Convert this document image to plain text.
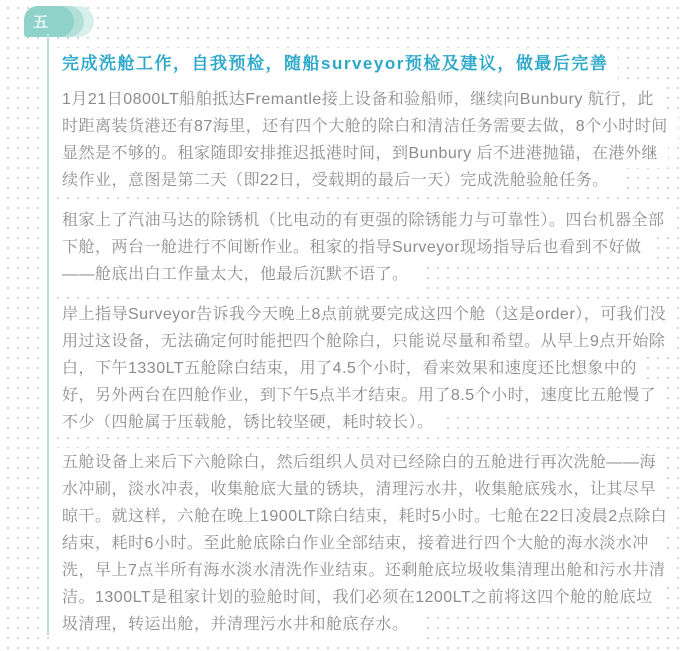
五
完成洗舱工作，自我预检，随船surveyor预检及建议，做最后完善

1月21日0800LT船舶抵达Fremantle接上设备和验船师，继续向Bunbury 航行，此时距离装货港还有87海里，还有四个大舱的除白和清洁任务需要去做，8个小时时间显然是不够的。租家随即安排推迟抵港时间，到Bunbury 后不进港抛锚，在港外继续作业，意图是第二天（即22日，受载期的最后一天）完成洗舱验舱任务。

租家上了汽油马达的除锈机（比电动的有更强的除锈能力与可靠性）。四台机器全部下舱，两台一舱进行不间断作业。租家的指导Surveyor现场指导后也看到不好做——舱底出白工作量太大，他最后沉默不语了。

岸上指导Surveyor告诉我今天晚上8点前就要完成这四个舱（这是order），可我们没用过这设备，无法确定何时能把四个舱除白，只能说尽量和希望。从早上9点开始除白，下午1330LT五舱除白结束，用了4.5个小时，看来效果和速度还比想象中的好，另外两台在四舱作业，到下午5点半才结束。用了8.5个小时，速度比五舱慢了不少（四舱属于压载舱，锈比较坚硬，耗时较长）。

五舱设备上来后下六舱除白，然后组织人员对已经除白的五舱进行再次洗舱——海水冲刷，淡水冲表，收集舱底大量的锈块，清理污水井，收集舱底残水，让其尽早晾干。就这样，六舱在晚上1900LT除白结束，耗时5小时。七舱在22日凌晨2点除白结束，耗时6小时。至此舱底除白作业全部结束，接着进行四个大舱的海水淡水冲洗，早上7点半所有海水淡水清洗作业结束。还剩舱底垃圾收集清理出舱和污水井清洁。1300LT是租家计划的验舱时间，我们必须在1200LT之前将这四个舱的舱底垃圾清理，转运出舱，并清理污水井和舱底存水。
